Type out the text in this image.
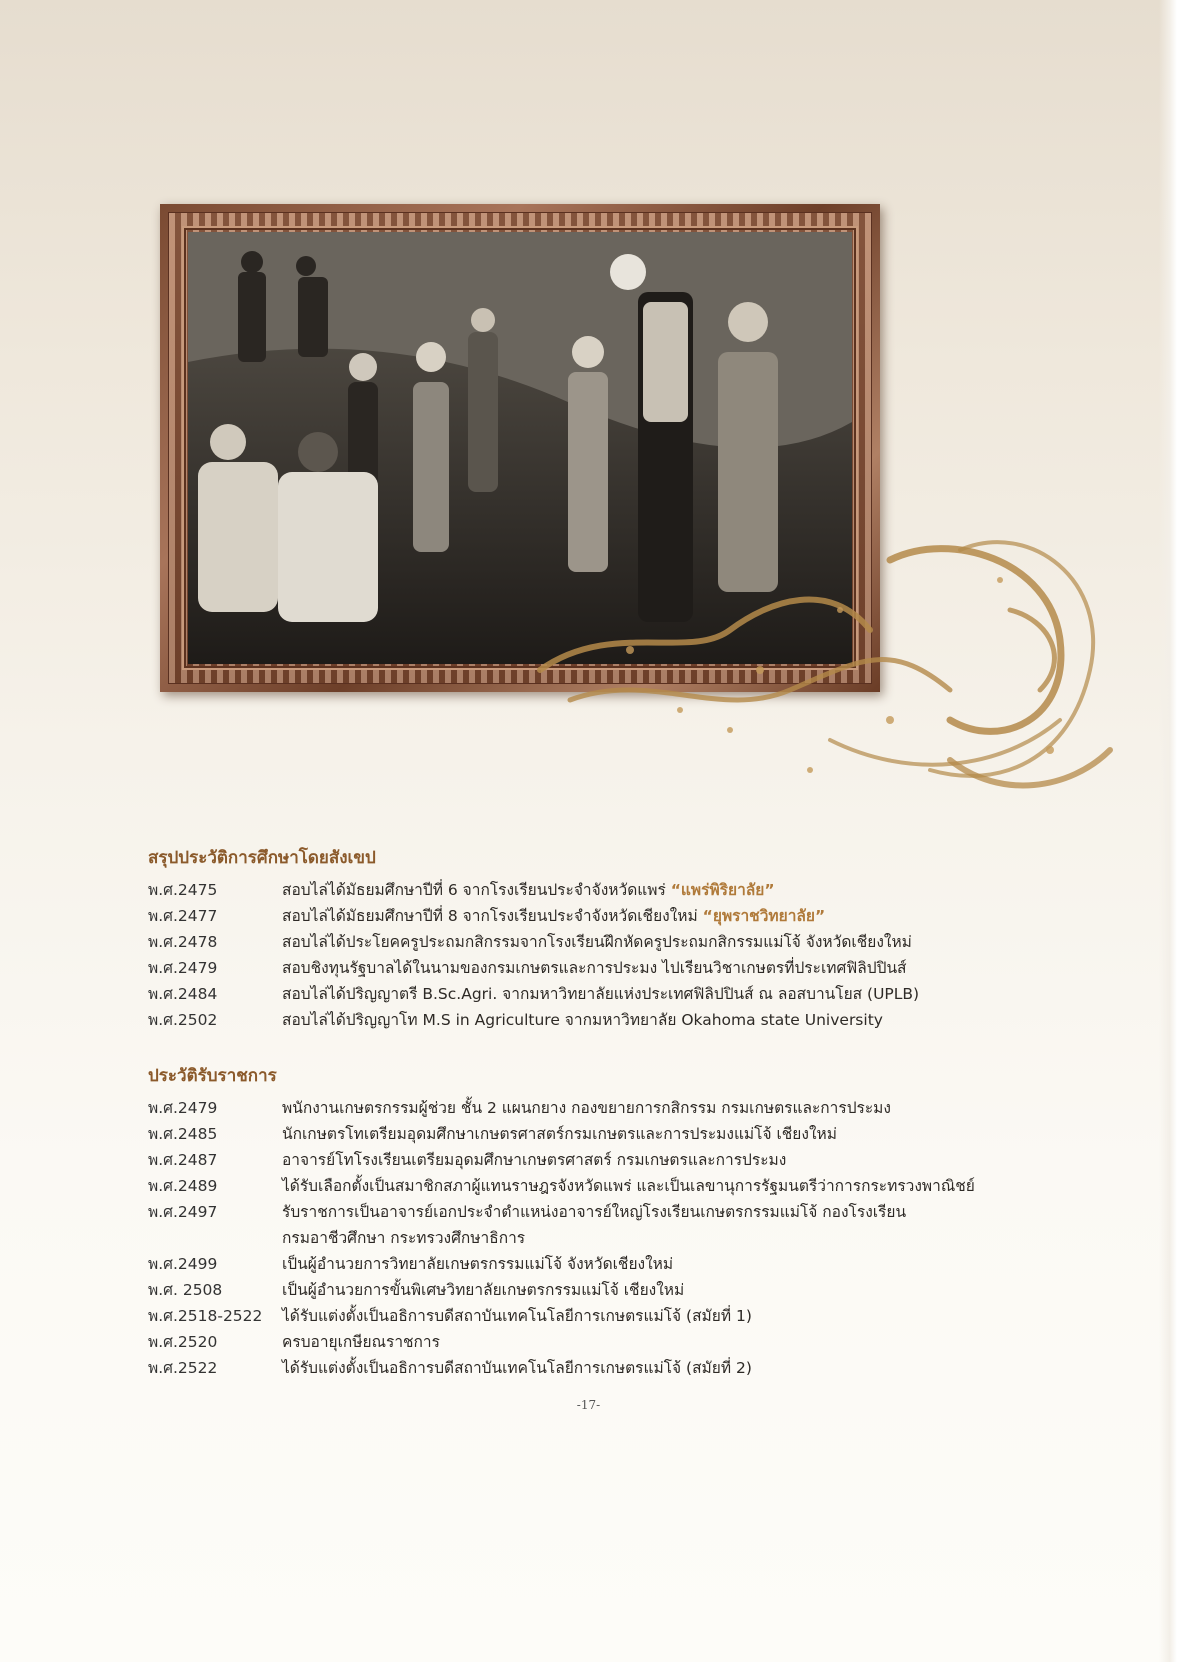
สรุปประวัติการศึกษาโดยสังเขป
พ.ศ.2475	สอบไล่ได้มัธยมศึกษาปีที่ 6 จากโรงเรียนประจำจังหวัดแพร่ “แพร่พิริยาลัย”
พ.ศ.2477	สอบไล่ได้มัธยมศึกษาปีที่ 8 จากโรงเรียนประจำจังหวัดเชียงใหม่ “ยุพราชวิทยาลัย”
พ.ศ.2478	สอบไล่ได้ประโยคครูประถมกสิกรรมจากโรงเรียนฝึกหัดครูประถมกสิกรรมแม่โจ้ จังหวัดเชียงใหม่
พ.ศ.2479	สอบชิงทุนรัฐบาลได้ในนามของกรมเกษตรและการประมง ไปเรียนวิชาเกษตรที่ประเทศฟิลิปปินส์
พ.ศ.2484	สอบไล่ได้ปริญญาตรี B.Sc.Agri. จากมหาวิทยาลัยแห่งประเทศฟิลิปปินส์ ณ ลอสบานโยส (UPLB)
พ.ศ.2502	สอบไล่ได้ปริญญาโท M.S in Agriculture จากมหาวิทยาลัย Okahoma state University
ประวัติรับราชการ
พ.ศ.2479	พนักงานเกษตรกรรมผู้ช่วย ชั้น 2 แผนกยาง กองขยายการกสิกรรม กรมเกษตรและการประมง
พ.ศ.2485	นักเกษตรโทเตรียมอุดมศึกษาเกษตรศาสตร์กรมเกษตรและการประมงแม่โจ้ เชียงใหม่
พ.ศ.2487	อาจารย์โทโรงเรียนเตรียมอุดมศึกษาเกษตรศาสตร์ กรมเกษตรและการประมง
พ.ศ.2489	ได้รับเลือกตั้งเป็นสมาชิกสภาผู้แทนราษฎรจังหวัดแพร่ และเป็นเลขานุการรัฐมนตรีว่าการกระทรวงพาณิชย์
พ.ศ.2497	รับราชการเป็นอาจารย์เอกประจำตำแหน่งอาจารย์ใหญ่โรงเรียนเกษตรกรรมแม่โจ้ กองโรงเรียน
กรมอาชีวศึกษา กระทรวงศึกษาธิการ
พ.ศ.2499	เป็นผู้อำนวยการวิทยาลัยเกษตรกรรมแม่โจ้ จังหวัดเชียงใหม่
พ.ศ. 2508	เป็นผู้อำนวยการขั้นพิเศษวิทยาลัยเกษตรกรรมแม่โจ้ เชียงใหม่
พ.ศ.2518-2522	ได้รับแต่งตั้งเป็นอธิการบดีสถาบันเทคโนโลยีการเกษตรแม่โจ้ (สมัยที่ 1)
พ.ศ.2520	ครบอายุเกษียณราชการ
พ.ศ.2522	ได้รับแต่งตั้งเป็นอธิการบดีสถาบันเทคโนโลยีการเกษตรแม่โจ้ (สมัยที่ 2)
-17-
